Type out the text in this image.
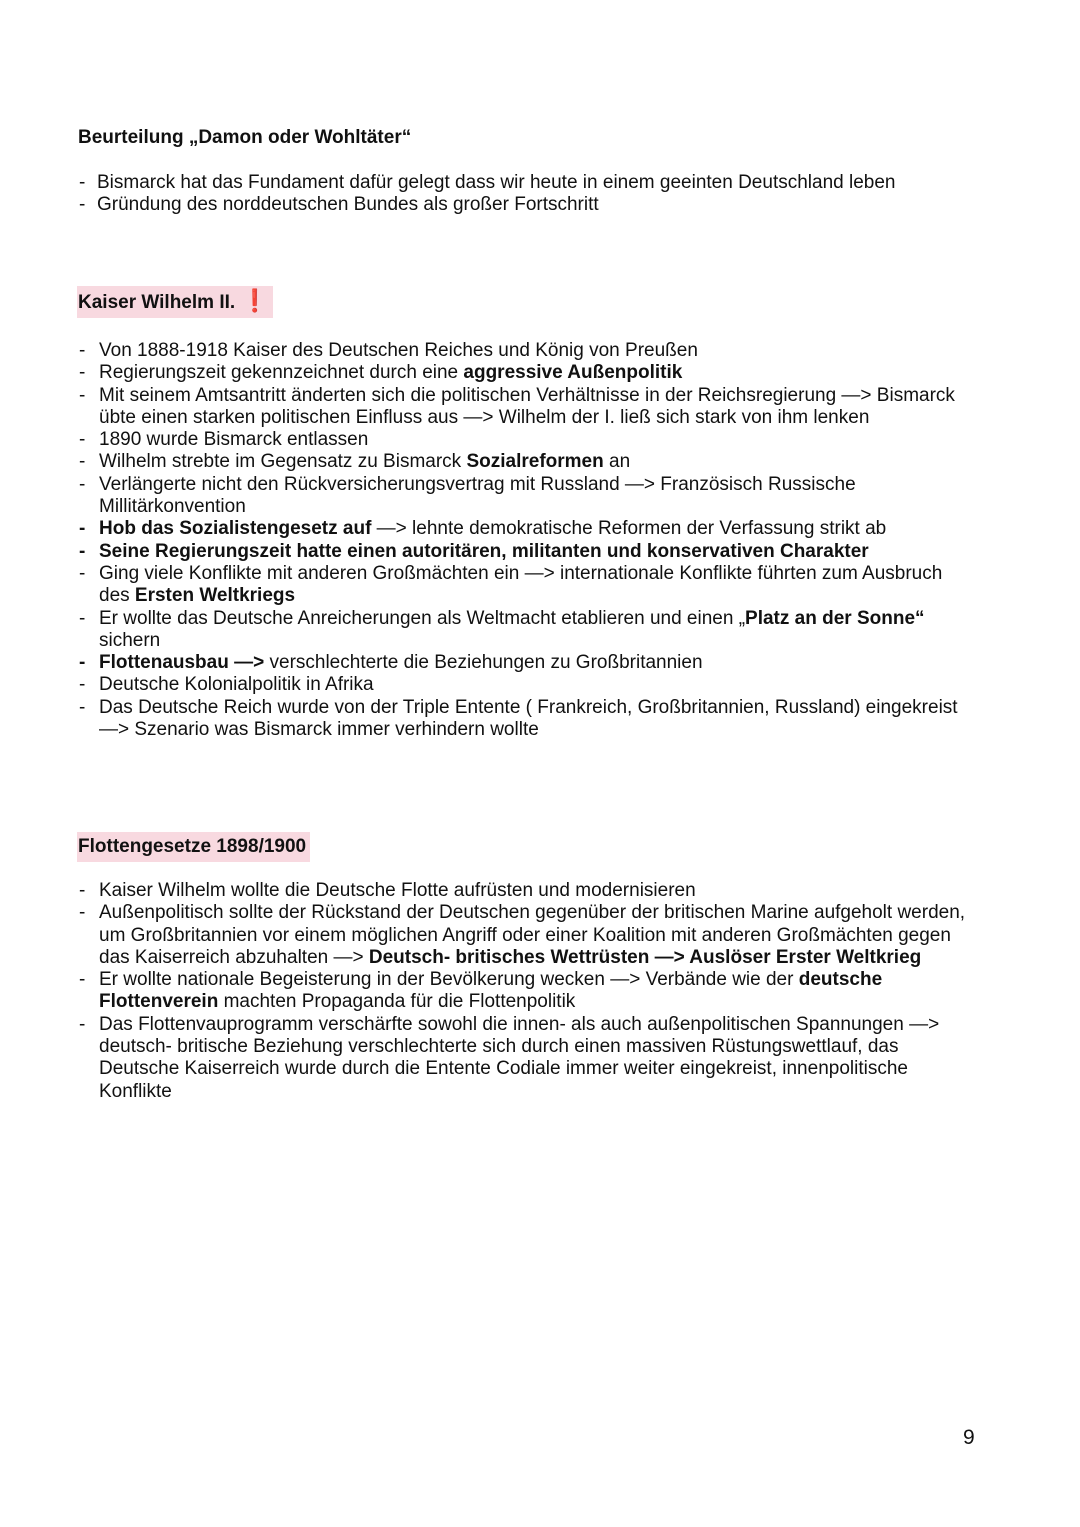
Beurteilung „Damon oder Wohltäter“
- Bismarck hat das Fundament dafür gelegt dass wir heute in einem geeinten Deutschland leben
- Gründung des norddeutschen Bundes als großer Fortschritt
Kaiser Wilhelm II. ❗
- Von 1888-1918 Kaiser des Deutschen Reiches und König von Preußen
- Regierungszeit gekennzeichnet durch eine aggressive Außenpolitik
- Mit seinem Amtsantritt änderten sich die politischen Verhältnisse in der Reichsregierung —> Bismarck übte einen starken politischen Einfluss aus —> Wilhelm der I. ließ sich stark von ihm lenken
- 1890 wurde Bismarck entlassen
- Wilhelm strebte im Gegensatz zu Bismarck Sozialreformen an
- Verlängerte nicht den Rückversicherungsvertrag mit Russland —> Französisch Russische Millitärkonvention
- Hob das Sozialistengesetz auf —> lehnte demokratische Reformen der Verfassung strikt ab
- Seine Regierungszeit hatte einen autoritären, militanten und konservativen Charakter
- Ging viele Konflikte mit anderen Großmächten ein —> internationale Konflikte führten zum Ausbruch des Ersten Weltkriegs
- Er wollte das Deutsche Anreicherungen als Weltmacht etablieren und einen „Platz an der Sonne“ sichern
- Flottenausbau —> verschlechterte die Beziehungen zu Großbritannien
- Deutsche Kolonialpolitik in Afrika
- Das Deutsche Reich wurde von der Triple Entente ( Frankreich, Großbritannien, Russland) eingekreist —> Szenario was Bismarck immer verhindern wollte
Flottengesetze 1898/1900
- Kaiser Wilhelm wollte die Deutsche Flotte aufrüsten und modernisieren
- Außenpolitisch sollte der Rückstand der Deutschen gegenüber der britischen Marine aufgeholt werden, um Großbritannien vor einem möglichen Angriff oder einer Koalition mit anderen Großmächten gegen das Kaiserreich abzuhalten —> Deutsch- britisches Wettrüsten —> Auslöser Erster Weltkrieg
- Er wollte nationale Begeisterung in der Bevölkerung wecken —> Verbände wie der deutsche Flottenverein machten Propaganda für die Flottenpolitik
- Das Flottenvauprogramm verschärfte sowohl die innen- als auch außenpolitischen Spannungen —> deutsch- britische Beziehung verschlechterte sich durch einen massiven Rüstungswettlauf, das Deutsche Kaiserreich wurde durch die Entente Codiale immer weiter eingekreist, innenpolitische Konflikte
9
